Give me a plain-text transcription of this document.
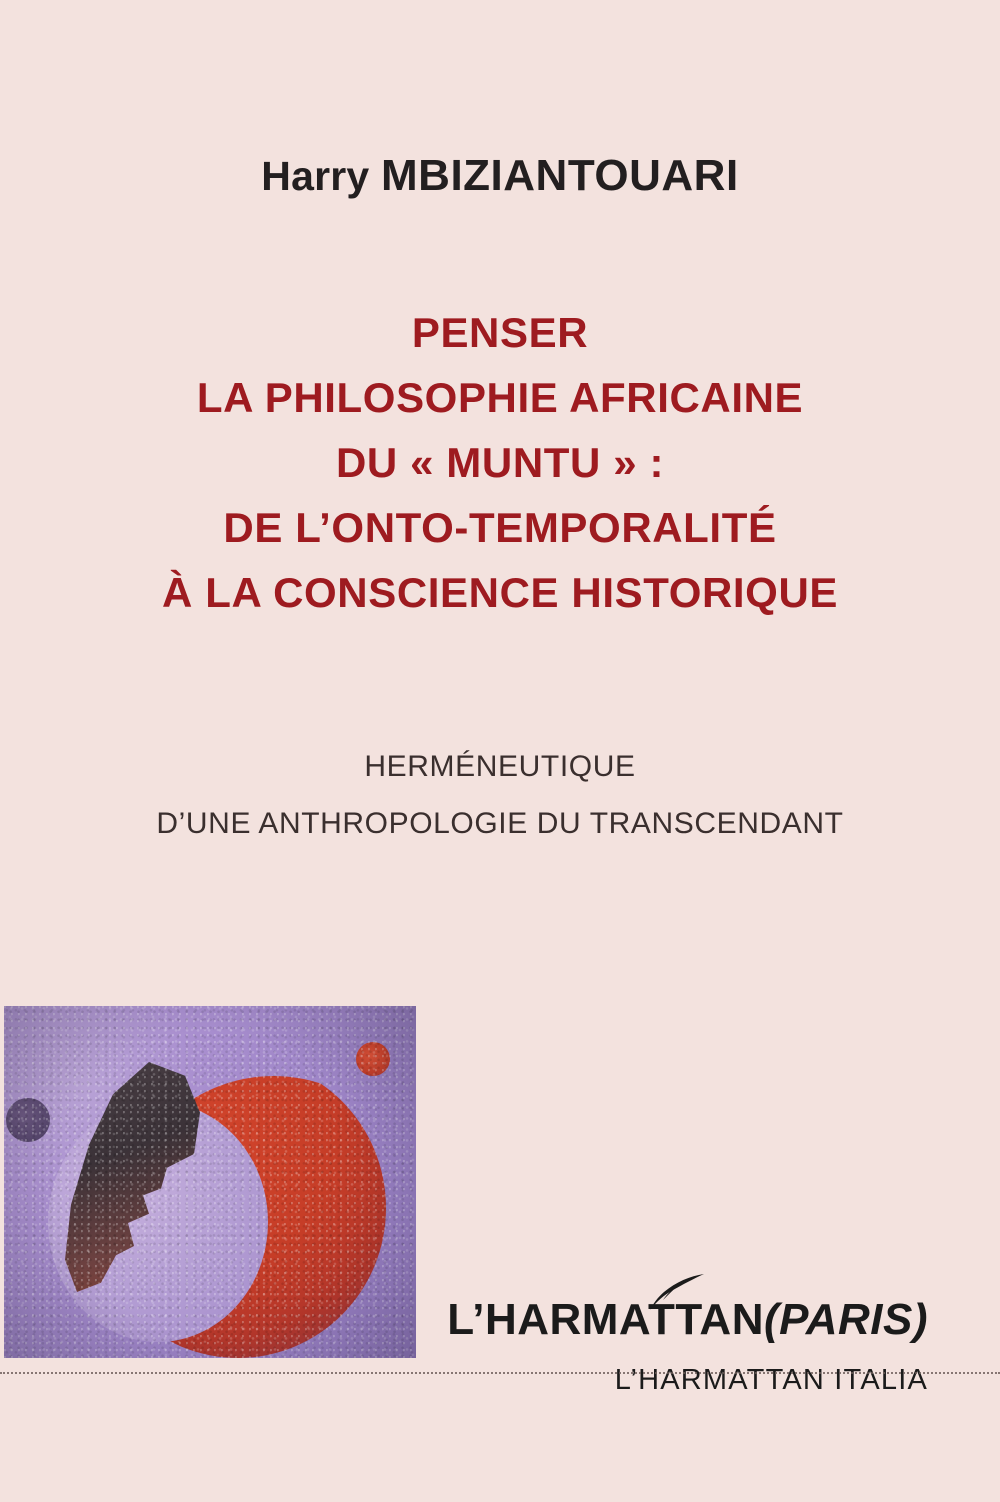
Harry MBIZIANTOUARI
PENSER
LA PHILOSOPHIE AFRICAINE
DU « MUNTU » :
DE L’ONTO-TEMPORALITÉ
À LA CONSCIENCE HISTORIQUE
HERMÉNEUTIQUE
D’UNE ANTHROPOLOGIE DU TRANSCENDANT
L’HARMATTAN(PARIS)
L’HARMATTAN ITALIA
